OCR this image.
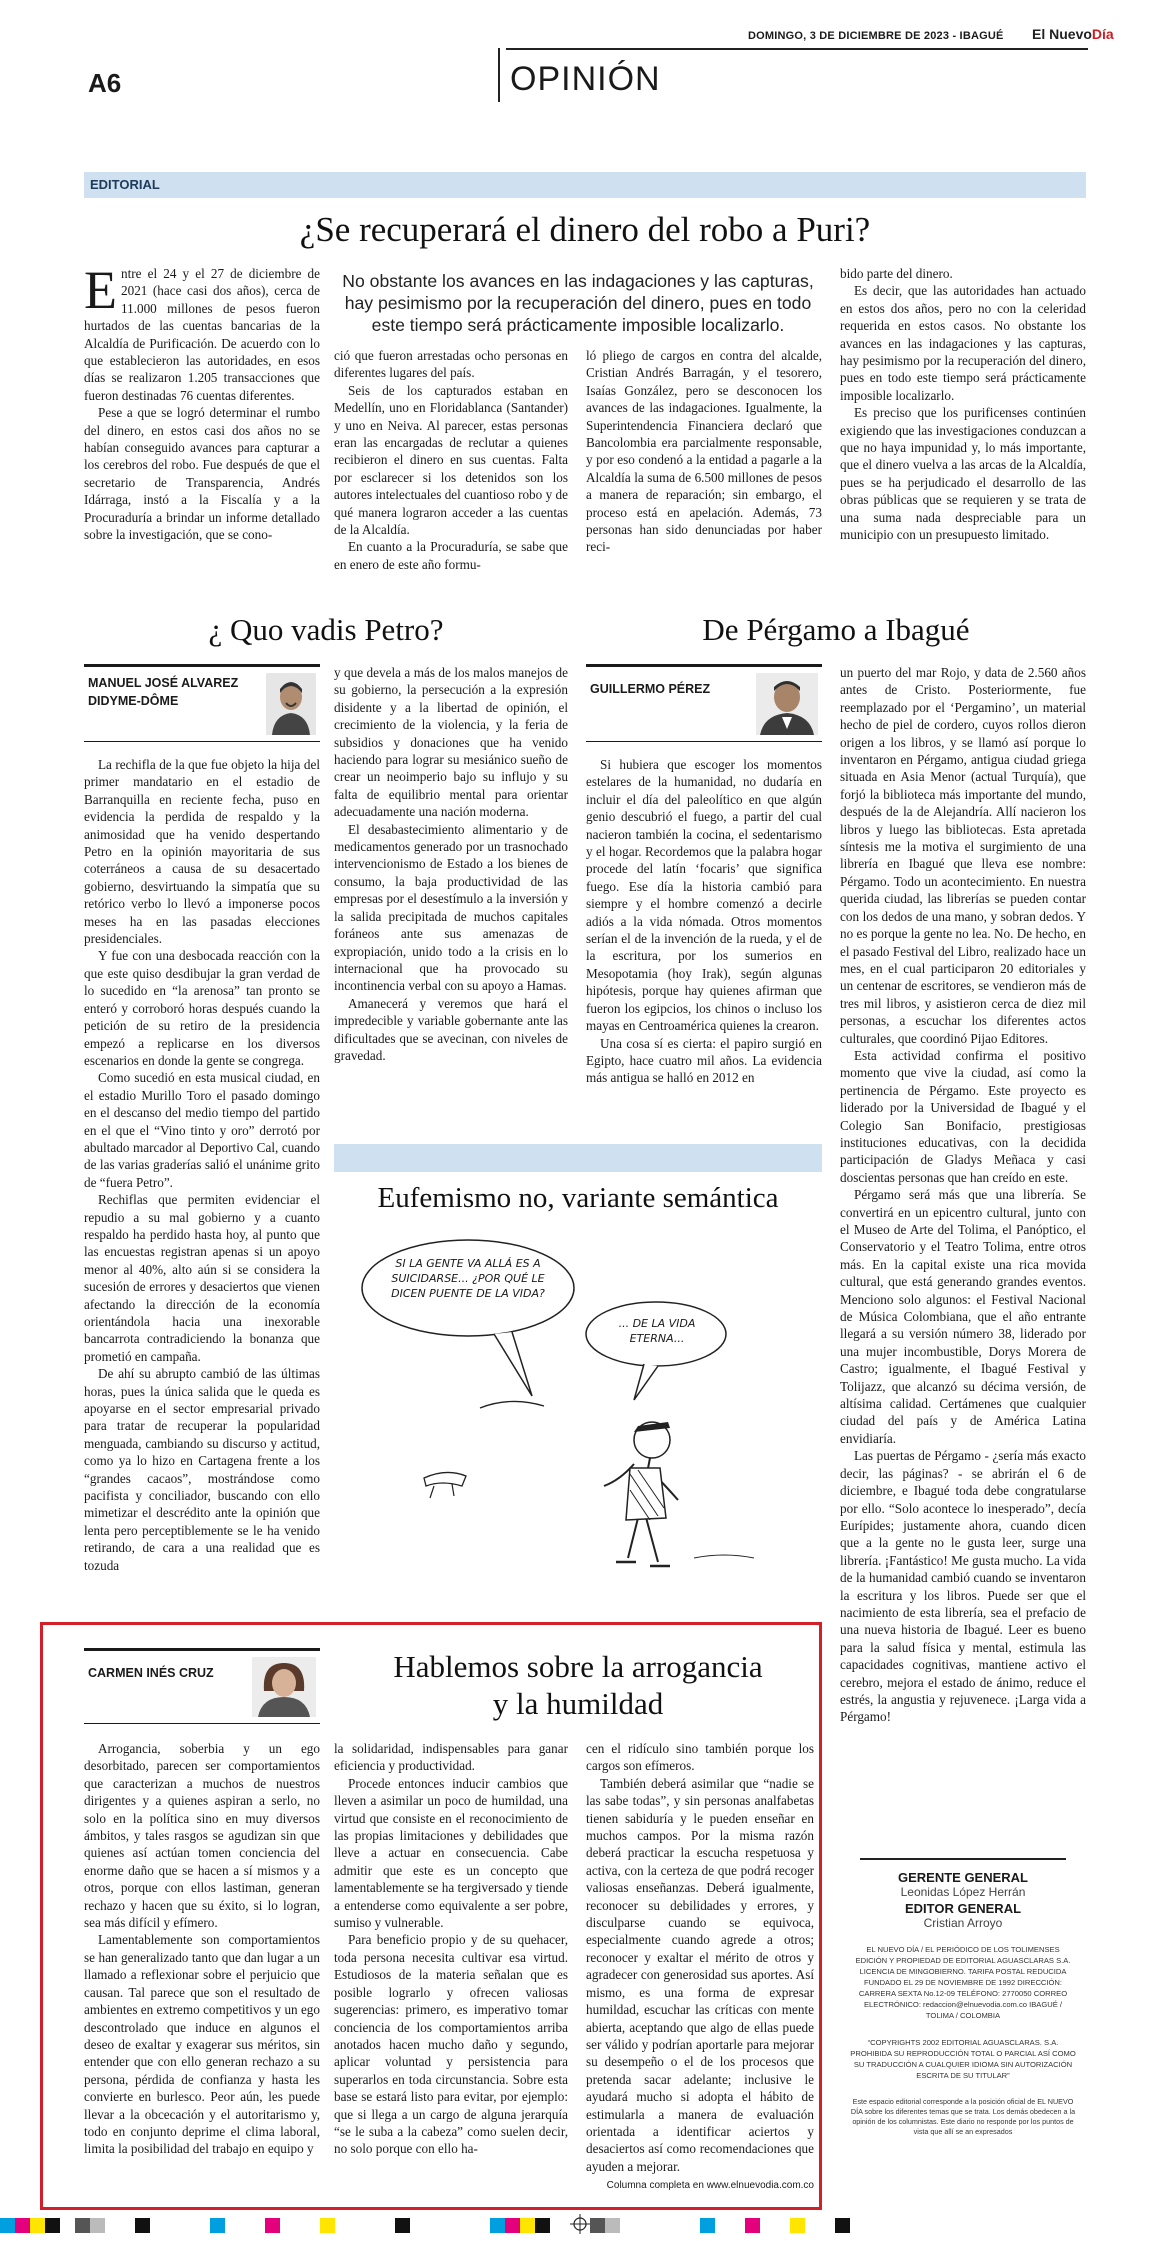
DOMINGO, 3 DE DICIEMBRE DE 2023 - IBAGUÉ El NuevoDía
A6	OPINIÓN
EDITORIAL
¿Se recuperará el dinero del robo a Puri?
No obstante los avances en las indagaciones y las capturas, hay pesimismo por la recuperación del dinero, pues en todo este tiempo será prácticamente imposible localizarlo.

Entre el 24 y el 27 de diciembre de 2021 (hace casi dos años), cerca de 11.000 millones de pesos fueron hurtados de las cuentas bancarias de la Alcaldía de Purificación. De acuerdo con lo que establecieron las autoridades, en esos días se realizaron 1.205 transacciones que fueron destinadas 76 cuentas diferentes.

Pese a que se logró determinar el rumbo del dinero, en estos casi dos años no se habían conseguido avances para capturar a los cerebros del robo. Fue después de que el secretario de Transparencia, Andrés Idárraga, instó a la Fiscalía y a la Procuraduría a brindar un informe detallado sobre la investigación, que se cono-

ció que fueron arrestadas ocho personas en diferentes lugares del país.

Seis de los capturados estaban en Medellín, uno en Floridablanca (Santander) y uno en Neiva. Al parecer, estas personas eran las encargadas de reclutar a quienes recibieron el dinero en sus cuentas. Falta por esclarecer si los detenidos son los autores intelectuales del cuantioso robo y de qué manera lograron acceder a las cuentas de la Alcaldía.

En cuanto a la Procuraduría, se sabe que en enero de este año formu-

ló pliego de cargos en contra del alcalde, Cristian Andrés Barragán, y el tesorero, Isaías González, pero se desconocen los avances de las indagaciones. Igualmente, la Superintendencia Financiera declaró que Bancolombia era parcialmente responsable, y por eso condenó a la entidad a pagarle a la Alcaldía la suma de 6.500 millones de pesos a manera de reparación; sin embargo, el proceso está en apelación. Además, 73 personas han sido denunciadas por haber reci-

bido parte del dinero.

Es decir, que las autoridades han actuado en estos dos años, pero no con la celeridad requerida en estos casos. No obstante los avances en las indagaciones y las capturas, hay pesimismo por la recuperación del dinero, pues en todo este tiempo será prácticamente imposible localizarlo.

Es preciso que los purificenses continúen exigiendo que las investigaciones conduzcan a que no haya impunidad y, lo más importante, que el dinero vuelva a las arcas de la Alcaldía, pues se ha perjudicado el desarrollo de las obras públicas que se requieren y se trata de una suma nada despreciable para un municipio con un presupuesto limitado.

¿ Quo vadis Petro?
MANUEL JOSÉ ALVAREZ
DIDYME-DÔME

La rechifla de la que fue objeto la hija del primer mandatario en el estadio de Barranquilla en reciente fecha, puso en evidencia la perdida de respaldo y la animosidad que ha venido despertando Petro en la opinión mayoritaria de sus coterráneos a causa de su desacertado gobierno, desvirtuando la simpatía que su retórico verbo lo llevó a imponerse pocos meses ha en las pasadas elecciones presidenciales.

Y fue con una desbocada reacción con la que este quiso desdibujar la gran verdad de lo sucedido en “la arenosa” tan pronto se enteró y corroboró horas después cuando la petición de su retiro de la presidencia empezó a replicarse en los diversos escenarios en donde la gente se congrega.

Como sucedió en esta musical ciudad, en el estadio Murillo Toro el pasado domingo en el descanso del medio tiempo del partido en el que el “Vino tinto y oro” derrotó por abultado marcador al Deportivo Cal, cuando de las varias graderías salió el unánime grito de “fuera Petro”.

Rechiflas que permiten evidenciar el repudio a su mal gobierno y a cuanto respaldo ha perdido hasta hoy, al punto que las encuestas registran apenas si un apoyo menor al 40%, alto aún si se considera la sucesión de errores y desaciertos que vienen afectando la dirección de la economía orientándola hacia una inexorable bancarrota contradiciendo la bonanza que prometió en campaña.

De ahí su abrupto cambió de las últimas horas, pues la única salida que le queda es apoyarse en el sector empresarial privado para tratar de recuperar la popularidad menguada, cambiando su discurso y actitud, como ya lo hizo en Cartagena frente a los “grandes cacaos”, mostrándose como pacifista y conciliador, buscando con ello mimetizar el descrédito ante la opinión que lenta pero perceptiblemente se le ha venido retirando, de cara a una realidad que es tozuda

y que devela a más de los malos manejos de su gobierno, la persecución a la expresión disidente y a la libertad de opinión, el crecimiento de la violencia, y la feria de subsidios y donaciones que ha venido haciendo para lograr su mesiánico sueño de crear un neoimperio bajo su influjo y su falta de equilibrio mental para orientar adecuadamente una nación moderna.

El desabastecimiento alimentario y de medicamentos generado por un trasnochado intervencionismo de Estado a los bienes de consumo, la baja productividad de las empresas por el desestímulo a la inversión y la salida precipitada de muchos capitales foráneos ante sus amenazas de expropiación, unido todo a la crisis en lo internacional que ha provocado su incontinencia verbal con su apoyo a Hamas.

Amanecerá y veremos que hará el impredecible y variable gobernante ante las dificultades que se avecinan, con niveles de gravedad.

De Pérgamo a Ibagué
GUILLERMO PÉREZ

Si hubiera que escoger los momentos estelares de la humanidad, no dudaría en incluir el día del paleolítico en que algún genio descubrió el fuego, a partir del cual nacieron también la cocina, el sedentarismo y el hogar. Recordemos que la palabra hogar procede del latín ‘focaris’ que significa fuego. Ese día la historia cambió para siempre y el hombre comenzó a decirle adiós a la vida nómada. Otros momentos serían el de la invención de la rueda, y el de la escritura, por los sumerios en Mesopotamia (hoy Irak), según algunas hipótesis, porque hay quienes afirman que fueron los egipcios, los chinos o incluso los mayas en Centroamérica quienes la crearon.

Una cosa sí es cierta: el papiro surgió en Egipto, hace cuatro mil años. La evidencia más antigua se halló en 2012 en

un puerto del mar Rojo, y data de 2.560 años antes de Cristo. Posteriormente, fue reemplazado por el ‘Pergamino’, un material hecho de piel de cordero, cuyos rollos dieron origen a los libros, y se llamó así porque lo inventaron en Pérgamo, antigua ciudad griega situada en Asia Menor (actual Turquía), que forjó la biblioteca más importante del mundo, después de la de Alejandría. Allí nacieron los libros y luego las bibliotecas. Esta apretada síntesis me la motiva el surgimiento de una librería en Ibagué que lleva ese nombre: Pérgamo. Todo un acontecimiento. En nuestra querida ciudad, las librerías se pueden contar con los dedos de una mano, y sobran dedos. Y no es porque la gente no lea. No. De hecho, en el pasado Festival del Libro, realizado hace un mes, en el cual participaron 20 editoriales y un centenar de escritores, se vendieron más de tres mil libros, y asistieron cerca de diez mil personas, a escuchar los diferentes actos culturales, que coordinó Pijao Editores.

Esta actividad confirma el positivo momento que vive la ciudad, así como la pertinencia de Pérgamo. Este proyecto es liderado por la Universidad de Ibagué y el Colegio San Bonifacio, prestigiosas instituciones educativas, con la decidida participación de Gladys Meñaca y casi doscientas personas que han creído en este.

Pérgamo será más que una librería. Se convertirá en un epicentro cultural, junto con el Museo de Arte del Tolima, el Panóptico, el Conservatorio y el Teatro Tolima, entre otros más. En la capital existe una rica movida cultural, que está generando grandes eventos. Menciono solo algunos: el Festival Nacional de Música Colombiana, que el año entrante llegará a su versión número 38, liderado por una mujer incombustible, Dorys Morera de Castro; igualmente, el Ibagué Festival y Tolijazz, que alcanzó su décima versión, de altísima calidad. Certámenes que cualquier ciudad del país y de América Latina envidiaría.

Las puertas de Pérgamo - ¿sería más exacto decir, las páginas? - se abrirán el 6 de diciembre, e Ibagué toda debe congratularse por ello. “Solo acontece lo inesperado”, decía Eurípides; justamente ahora, cuando dicen que a la gente no le gusta leer, surge una librería. ¡Fantástico! Me gusta mucho. La vida de la humanidad cambió cuando se inventaron la escritura y los libros. Puede ser que el nacimiento de esta librería, sea el prefacio de una nueva historia de Ibagué. Leer es bueno para la salud física y mental, estimula las capacidades cognitivas, mantiene activo el cerebro, mejora el estado de ánimo, reduce el estrés, la angustia y rejuvenece. ¡Larga vida a Pérgamo!

Eufemismo no, variante semántica
SI LA GENTE VA ALLÁ ES A SUICIDARSE... ¿POR QUÉ LE DICEN PUENTE DE LA VIDA?
... DE LA VIDA ETERNA...
CARMEN INÉS CRUZ	Hablemos sobre la arrogancia
y la humildad

Arrogancia, soberbia y un ego desorbitado, parecen ser comportamientos que caracterizan a muchos de nuestros dirigentes y a quienes aspiran a serlo, no solo en la política sino en muy diversos ámbitos, y tales rasgos se agudizan sin que quienes así actúan tomen conciencia del enorme daño que se hacen a sí mismos y a otros, porque con ellos lastiman, generan rechazo y hacen que su éxito, si lo logran, sea más difícil y efímero.

Lamentablemente son comportamientos se han generalizado tanto que dan lugar a un llamado a reflexionar sobre el perjuicio que causan. Tal parece que son el resultado de ambientes en extremo competitivos y un ego descontrolado que induce en algunos el deseo de exaltar y exagerar sus méritos, sin entender que con ello generan rechazo a su persona, pérdida de confianza y hasta les convierte en burlesco. Peor aún, les puede llevar a la obcecación y el autoritarismo y, todo en conjunto deprime el clima laboral, limita la posibilidad del trabajo en equipo y

la solidaridad, indispensables para ganar eficiencia y productividad.

Procede entonces inducir cambios que lleven a asimilar un poco de humildad, una virtud que consiste en el reconocimiento de las propias limitaciones y debilidades que lleve a actuar en consecuencia. Cabe admitir que este es un concepto que lamentablemente se ha tergiversado y tiende a entenderse como equivalente a ser pobre, sumiso y vulnerable.

Para beneficio propio y de su quehacer, toda persona necesita cultivar esa virtud. Estudiosos de la materia señalan que es posible lograrlo y ofrecen valiosas sugerencias: primero, es imperativo tomar conciencia de los comportamientos arriba anotados hacen mucho daño y segundo, aplicar voluntad y persistencia para superarlos en toda circunstancia. Sobre esta base se estará listo para evitar, por ejemplo: que si llega a un cargo de alguna jerarquía “se le suba a la cabeza” como suelen decir, no solo porque con ello ha-

cen el ridículo sino también porque los cargos son efímeros.

También deberá asimilar que “nadie se las sabe todas”, y sin personas analfabetas tienen sabiduría y le pueden enseñar en muchos campos. Por la misma razón deberá practicar la escucha respetuosa y activa, con la certeza de que podrá recoger valiosas enseñanzas. Deberá igualmente, reconocer su debilidades y errores, y disculparse cuando se equivoca, especialmente cuando agrede a otros; reconocer y exaltar el mérito de otros y agradecer con generosidad sus aportes. Así mismo, es una forma de expresar humildad, escuchar las críticas con mente abierta, aceptando que algo de ellas puede ser válido y podrían aportarle para mejorar su desempeño o el de los procesos que pretenda sacar adelante; inclusive le ayudará mucho si adopta el hábito de estimularla a manera de evaluación orientada a identificar aciertos y desaciertos así como recomendaciones que ayuden a mejorar.

Columna completa en www.elnuevodia.com.co
GERENTE GENERAL
Leonidas López Herrán
EDITOR GENERAL
Cristian Arroyo
EL NUEVO DÍA / EL PERIÓDICO DE LOS TOLIMENSES EDICIÓN Y PROPIEDAD DE EDITORIAL AGUASCLARAS S.A. LICENCIA DE MINGOBIERNO. TARIFA POSTAL REDUCIDA FUNDADO EL 29 DE NOVIEMBRE DE 1992 DIRECCIÓN: CARRERA SEXTA No.12-09 TELÉFONO: 2770050 CORREO ELECTRÓNICO: redaccion@elnuevodia.com.co IBAGUÉ / TOLIMA / COLOMBIA
“COPYRIGHTS 2002 EDITORIAL AGUASCLARAS. S.A. PROHIBIDA SU REPRODUCCIÓN TOTAL O PARCIAL ASÍ COMO SU TRADUCCIÓN A CUALQUIER IDIOMA SIN AUTORIZACIÓN ESCRITA DE SU TITULAR”
Este espacio editorial corresponde a la posición oficial de EL NUEVO DÍA sobre los diferentes temas que se trata. Los demás obedecen a la opinión de los columnistas. Este diario no responde por los puntos de vista que allí se an expresados
